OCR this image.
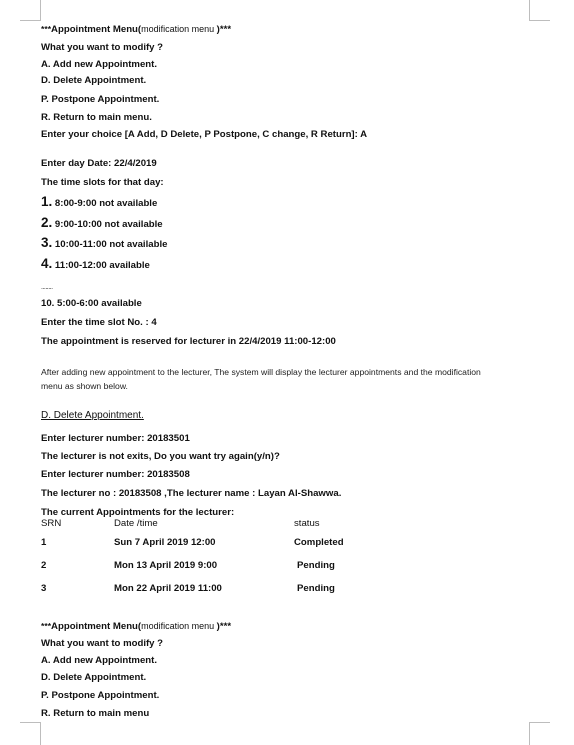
***Appointment Menu(modification menu )***
What you want to modify ?
A. Add new Appointment.
D. Delete Appointment.
P. Postpone Appointment.
R. Return to main menu.
Enter your choice [A Add, D Delete, P Postpone, C change, R Return]: A
Enter day Date: 22/4/2019
The time slots for that day:
1. 8:00-9:00 not available
2. 9:00-10:00 not available
3. 10:00-11:00 not available
4. 11:00-12:00 available
........
10. 5:00-6:00 available
Enter the time slot No. : 4
The appointment is reserved for lecturer in 22/4/2019 11:00-12:00
After adding new appointment to the lecturer, The system will display the lecturer appointments and the modification
menu as shown below.
D. Delete Appointment.
Enter lecturer number: 20183501
The lecturer is not exits, Do you want try again(y/n)?
Enter lecturer number: 20183508
The lecturer no : 20183508 ,The lecturer name : Layan Al-Shawwa.
The current Appointments for the lecturer:
SRN	Date /time	status
1	Sun 7 April 2019 12:00	Completed
2	Mon 13 April 2019 9:00	Pending
3	Mon 22 April 2019 11:00	Pending
***Appointment Menu(modification menu )***
What you want to modify ?
A. Add new Appointment.
D. Delete Appointment.
P. Postpone Appointment.
R. Return to main menu
